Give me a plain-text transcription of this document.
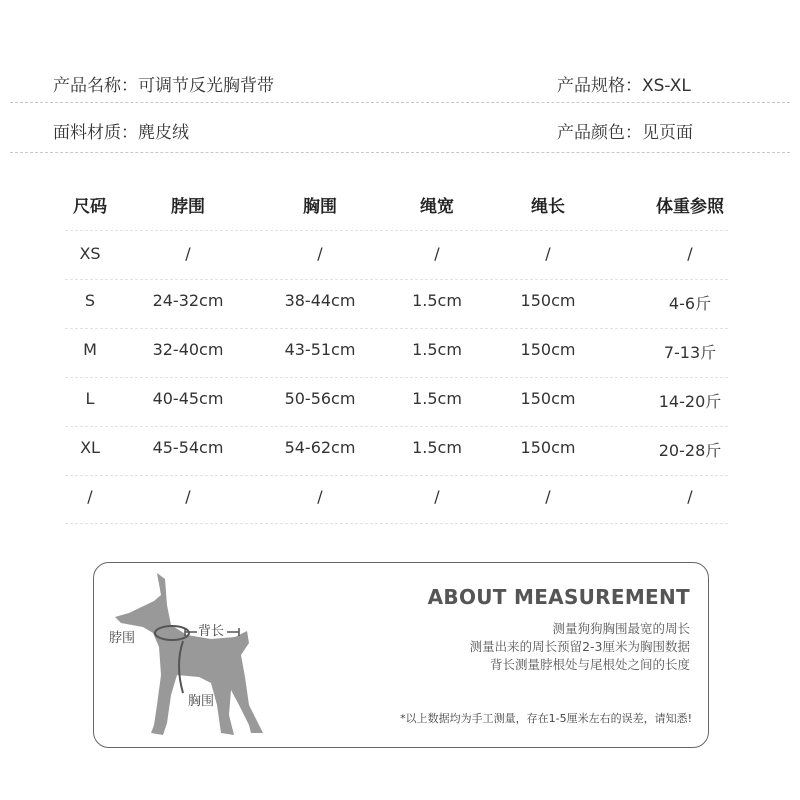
产品名称：可调节反光胸背带	产品规格：XS-XL
面料材质：麂皮绒	产品颜色：见页面
尺码	脖围	胸围	绳宽	绳长	体重参照
XS	/	/	/	/	/
S	24-32cm	38-44cm	1.5cm	150cm	4-6斤
M	32-40cm	43-51cm	1.5cm	150cm	7-13斤
L	40-45cm	50-56cm	1.5cm	150cm	14-20斤
XL	45-54cm	54-62cm	1.5cm	150cm	20-28斤
/	/	/	/	/	/
脖围	背长
胸围
ABOUT MEASUREMENT
测量狗狗胸围最宽的周长
测量出来的周长预留2-3厘米为胸围数据
背长测量脖根处与尾根处之间的长度
*以上数据均为手工测量，存在1-5厘米左右的误差，请知悉!
